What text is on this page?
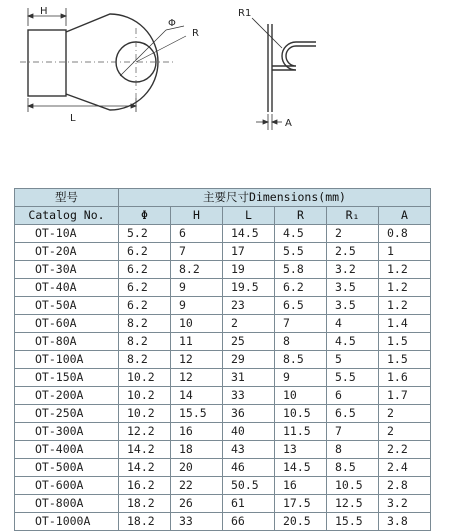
H
L
Φ
R
R1
A
型号	主要尺寸Dimensions(mm)					
Catalog No.	Φ	H	L	R	R₁	A
OT-10A	5.2	6	14.5	4.5	2	0.8
OT-20A	6.2	7	17	5.5	2.5	1
OT-30A	6.2	8.2	19	5.8	3.2	1.2
OT-40A	6.2	9	19.5	6.2	3.5	1.2
OT-50A	6.2	9	23	6.5	3.5	1.2
OT-60A	8.2	10	2	7	4	1.4
OT-80A	8.2	11	25	8	4.5	1.5
OT-100A	8.2	12	29	8.5	5	1.5
OT-150A	10.2	12	31	9	5.5	1.6
OT-200A	10.2	14	33	10	6	1.7
OT-250A	10.2	15.5	36	10.5	6.5	2
OT-300A	12.2	16	40	11.5	7	2
OT-400A	14.2	18	43	13	8	2.2
OT-500A	14.2	20	46	14.5	8.5	2.4
OT-600A	16.2	22	50.5	16	10.5	2.8
OT-800A	18.2	26	61	17.5	12.5	3.2
OT-1000A	18.2	33	66	20.5	15.5	3.8
